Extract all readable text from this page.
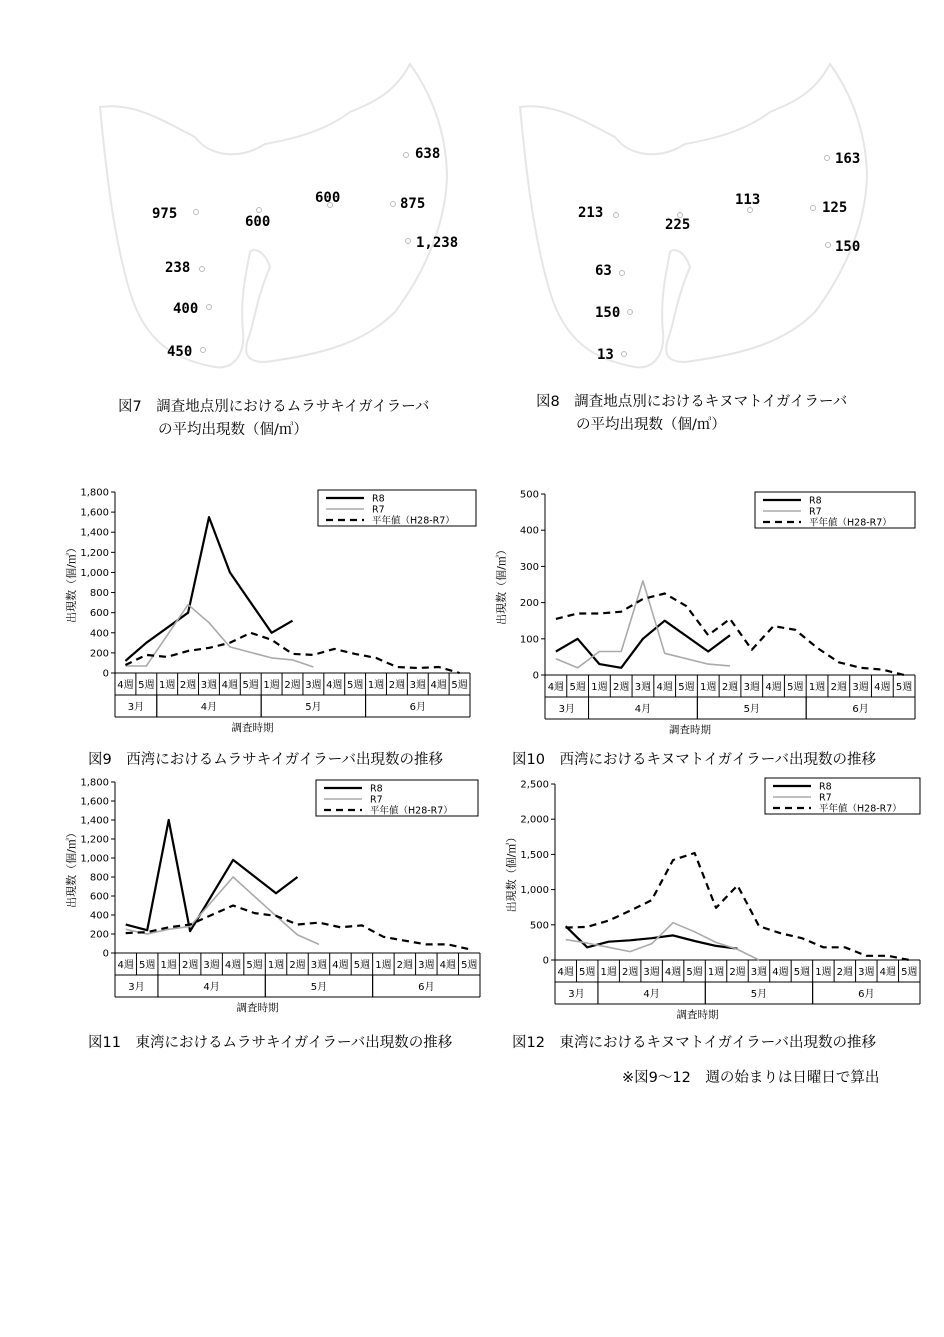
638
975
600
600
875
1,238
238
400
450
163
213
113
225
125
150
63
150
13
図7　調査地点別におけるムラサキイガイラーバ
の平均出現数（個/㎥）
図8　調査地点別におけるキヌマトイガイラーバ
の平均出現数（個/㎥）
0
200
400
600
800
1,000
1,200
1,400
1,600
1,800
出現数（個/㎥）
4週 5週 1週 2週 3週 4週 5週 1週 2週 3週 4週 5週 1週 2週 3週 4週 5週
3月	4月	5月	6月
調査時期
R8
R7
平年値（H28-R7）
0
100
200
300
400
500
出現数（個/㎥）
4週 5週 1週 2週 3週 4週 5週 1週 2週 3週 4週 5週 1週 2週 3週 4週 5週
3月	4月	5月	6月
調査時期
R8
R7
平年値（H28-R7）
0
200
400
600
800
1,000
1,200
1,400
1,600
1,800
出現数（個/㎥）
4週 5週 1週 2週 3週 4週 5週 1週 2週 3週 4週 5週 1週 2週 3週 4週 5週
3月	4月	5月	6月
調査時期
R8
R7
平年値（H28-R7）
0
500
1,000
1,500
2,000
2,500
出現数（個/㎥）
4週 5週 1週 2週 3週 4週 5週 1週 2週 3週 4週 5週 1週 2週 3週 4週 5週
3月	4月	5月	6月
調査時期
R8
R7
平年値（H28-R7）
図9　西湾におけるムラサキイガイラーバ出現数の推移	図10　西湾におけるキヌマトイガイラーバ出現数の推移
図11　東湾におけるムラサキイガイラーバ出現数の推移	図12　東湾におけるキヌマトイガイラーバ出現数の推移
※図9〜12　週の始まりは日曜日で算出
